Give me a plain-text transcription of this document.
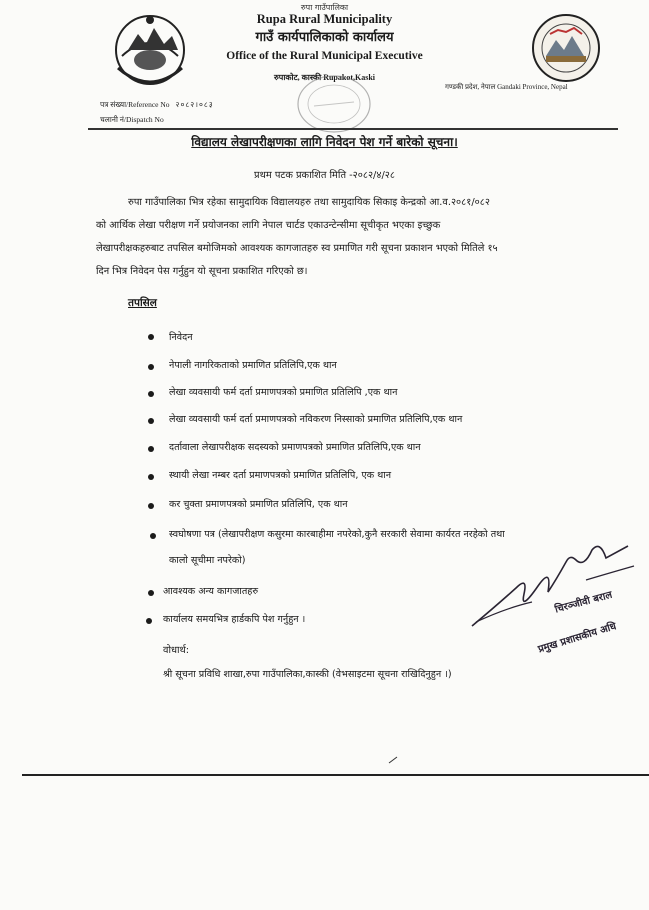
रुपा गाउँपालिका
Rupa Rural Municipality
गाउँ कार्यपालिकाको कार्यालय
Office of the Rural Municipal Executive
रुपाकोट, कास्की Rupakot,Kaski
गण्डकी प्रदेश, नेपाल Gandaki Province, Nepal
पत्र संख्या/Reference No २०८२।०८३
चलानी नं/Dispatch No
विद्यालय लेखापरीक्षणका लागि निवेदन पेश गर्ने बारेको सूचना।
प्रथम पटक प्रकाशित मिति -२०८२/४/२८
रुपा गाउँपालिका भित्र रहेका सामुदायिक विद्यालयहरु तथा सामुदायिक सिकाइ केन्द्रको आ.व.२०८१/०८२
को आर्थिक लेखा परीक्षण गर्ने प्रयोजनका लागि नेपाल चार्टड एकाउन्टेन्सीमा सूचीकृत भएका इच्छुक
लेखापरीक्षकहरुबाट तपसिल बमोजिमको आवश्यक कागजातहरु स्व प्रमाणित गरी सूचना प्रकाशन भएको मितिले १५
दिन भित्र निवेदन पेस गर्नुहुन यो सूचना प्रकाशित गरिएको छ।
तपसिल
निवेदन
नेपाली नागरिकताको प्रमाणित प्रतिलिपि,एक थान
लेखा व्यवसायी फर्म दर्ता प्रमाणपत्रको प्रमाणित प्रतिलिपि ,एक थान
लेखा व्यवसायी फर्म दर्ता प्रमाणपत्रको नविकरण निस्साको प्रमाणित प्रतिलिपि,एक थान
दर्तावाला लेखापरीक्षक सदस्यको प्रमाणपत्रको प्रमाणित प्रतिलिपि,एक थान
स्थायी लेखा नम्बर दर्ता प्रमाणपत्रको प्रमाणित प्रतिलिपि, एक थान
कर चुक्ता प्रमाणपत्रको प्रमाणित प्रतिलिपि, एक थान
स्वघोषणा पत्र (लेखापरीक्षण कसुरमा कारबाहीमा नपरेको,कुनै सरकारी सेवामा कार्यरत नरहेको तथा
कालो सूचीमा नपरेको)
आवश्यक अन्य कागजातहरु
कार्यालय समयभित्र हार्डकपि पेश गर्नुहुन ।
वोधार्थ:
श्री सूचना प्रविधि शाखा,रुपा गाउँपालिका,कास्की (वेभसाइटमा सूचना राखिदिनुहुन ।)
चिरञ्जीवी बराल
प्रमुख प्रशासकीय अधि
